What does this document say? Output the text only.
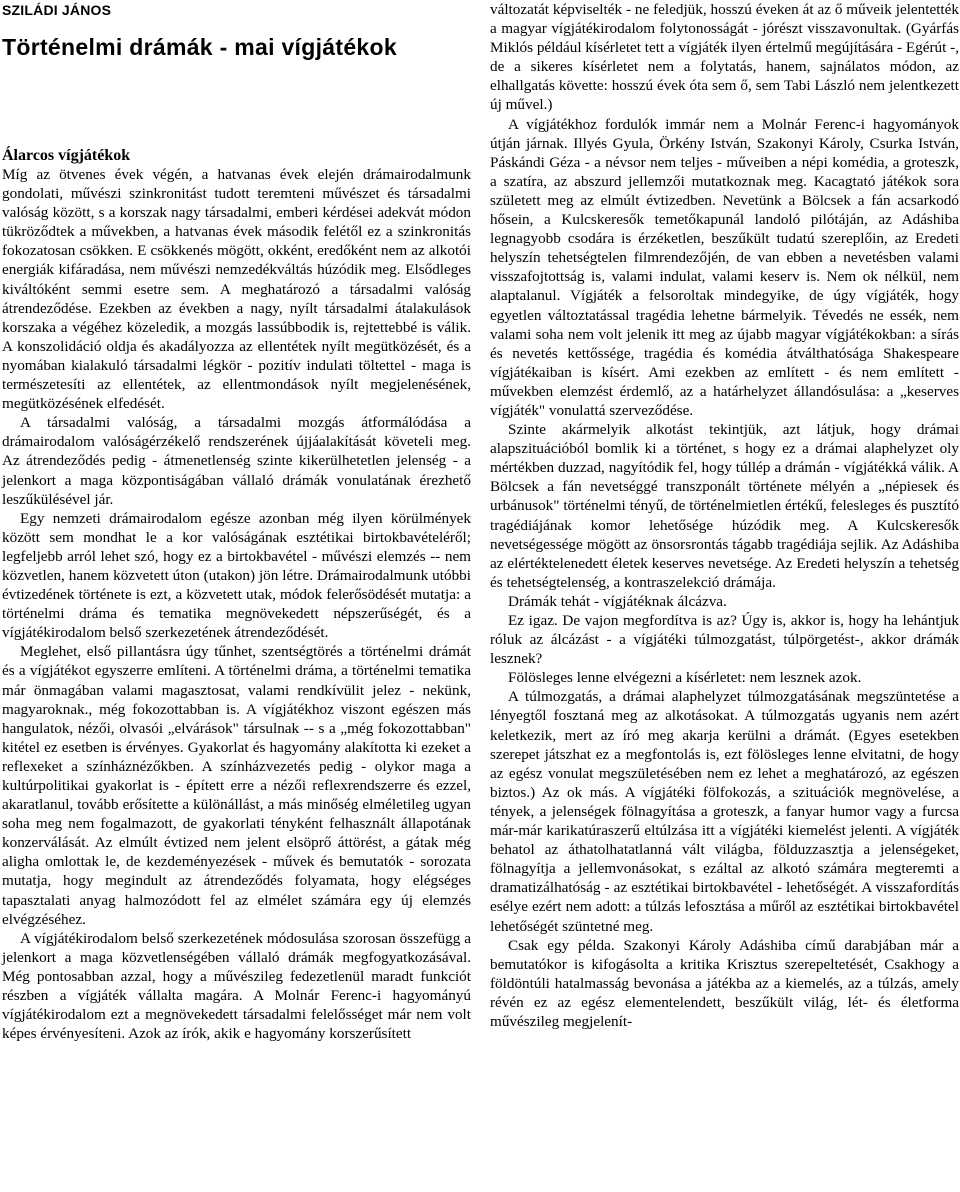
SZILÁDI JÁNOS
Történelmi drámák - mai vígjátékok
Álarcos vígjátékok

Míg az ötvenes évek végén, a hatvanas évek elején drámairodalmunk gondolati, művészi szinkronitást tudott teremteni művészet és társadalmi valóság között, s a korszak nagy társadalmi, emberi kérdései adekvát módon tükröződtek a művekben, a hatvanas évek második felétől ez a szinkronitás fokozatosan csökken. E csökkenés mögött, okként, eredőként nem az alkotói energiák kifáradása, nem művészi nemzedékváltás húzódik meg. Elsődleges kiváltóként semmi esetre sem. A meghatározó a társadalmi valóság átrendeződése. Ezekben az években a nagy, nyílt társadalmi átalakulások korszaka a végéhez közeledik, a mozgás lassúbbodik is, rejtettebbé is válik. A konszolidáció oldja és akadályozza az ellentétek nyílt megütközését, és a nyomában kialakuló társadalmi légkör - pozitív indulati töltettel - maga is természetesíti az ellentétek, az ellentmondások nyílt megjelenésének, megütközésének elfedését.

A társadalmi valóság, a társadalmi mozgás átformálódása a drámairodalom valóságérzékelő rendszerének újjáalakítását követeli meg. Az átrendeződés pedig - átmenetlenség szinte kikerülhetetlen jelenség - a jelenkort a maga központiságában vállaló drámák vonulatának érezhető leszűkülésével jár.

Egy nemzeti drámairodalom egésze azonban még ilyen körülmények között sem mondhat le a kor valóságának esztétikai birtokbavételéről; legfeljebb arról lehet szó, hogy ez a birtokbavétel - művészi elemzés -- nem közvetlen, hanem közvetett úton (utakon) jön létre. Drámairodalmunk utóbbi évtizedének története is ezt, a közvetett utak, módok felerősödését mutatja: a történelmi dráma és tematika megnövekedett népszerűségét, és a vígjátékirodalom belső szerkezetének átrendeződését.

Meglehet, első pillantásra úgy tűnhet, szentségtörés a történelmi drámát és a vígjátékot egyszerre említeni. A történelmi dráma, a történelmi tematika már önmagában valami magasztosat, valami rendkívülit jelez - nekünk, magyaroknak., még fokozottabban is. A vígjátékhoz viszont egészen más hangulatok, nézői, olvasói „elvárások" társulnak -- s a „még fokozottabban" kitétel ez esetben is érvényes. Gyakorlat és hagyomány alakította ki ezeket a reflexeket a színháznézőkben. A színházvezetés pedig - olykor maga a kultúrpolitikai gyakorlat is - épített erre a nézői reflexrendszerre és ezzel, akaratlanul, tovább erősítette a különállást, a más minőség elméletileg ugyan soha meg nem fogalmazott, de gyakorlati tényként felhasznált állapotának konzerválását. Az elmúlt évtized nem jelent elsöprő áttörést, a gátak még aligha omlottak le, de kezdeményezések - művek és bemutatók - sorozata mutatja, hogy megindult az átrendeződés folyamata, hogy elégséges tapasztalati anyag halmozódott fel az elmélet számára egy új elemzés elvégzéséhez.

A vígjátékirodalom belső szerkezetének módosulása szorosan összefügg a jelenkort a maga közvetlenségében vállaló drámák megfogyatkozásával. Még pontosabban azzal, hogy a művészileg fedezetlenül maradt funkciót részben a vígjáték vállalta magára. A Molnár Ferenc-i hagyományú vígjátékirodalom ezt a megnövekedett társadalmi felelősséget már nem volt képes érvényesíteni. Azok az írók, akik e hagyomány korszerűsített

változatát képviselték - ne feledjük, hosszú éveken át az ő műveik jelentették a magyar vígjátékirodalom folytonosságát - jórészt visszavonultak. (Gyárfás Miklós például kísérletet tett a vígjáték ilyen értelmű megújítására - Egérút -, de a sikeres kísérletet nem a folytatás, hanem, sajnálatos módon, az elhallgatás követte: hosszú évek óta sem ő, sem Tabi László nem jelentkezett új művel.)

A vígjátékhoz fordulók immár nem a Molnár Ferenc-i hagyományok útján járnak. Illyés Gyula, Örkény István, Szakonyi Károly, Csurka István, Páskándi Géza - a névsor nem teljes - műveiben a népi komédia, a groteszk, a szatíra, az abszurd jellemzői mutatkoznak meg. Kacagtató játékok sora született meg az elmúlt évtizedben. Nevetünk a Bölcsek a fán acsarkodó hősein, a Kulcskeresők temetőkapunál landoló pilótáján, az Adáshiba legnagyobb csodára is érzéketlen, beszűkült tudatú szereplőin, az Eredeti helyszín tehetségtelen filmrendezőjén, de van ebben a nevetésben valami visszafojtottság is, valami indulat, valami keserv is. Nem ok nélkül, nem alaptalanul. Vígjáték a felsoroltak mindegyike, de úgy vígjáték, hogy egyetlen változtatással tragédia lehetne bármelyik. Tévedés ne essék, nem valami soha nem volt jelenik itt meg az újabb magyar vígjátékokban: a sírás és nevetés kettőssége, tragédia és komédia átválthatósága Shakespeare vígjátékaiban is kísért. Ami ezekben az említett - és nem említett - művekben elemzést érdemlő, az a határhelyzet állandósulása: a „keserves vígjáték" vonulattá szerveződése.

Szinte akármelyik alkotást tekintjük, azt látjuk, hogy drámai alapszituációból bomlik ki a történet, s hogy ez a drámai alaphelyzet oly mértékben duzzad, nagyítódik fel, hogy túllép a drámán - vígjátékká válik. A Bölcsek a fán nevetséggé transzponált története mélyén a „népiesek és urbánusok" történelmi tényű, de történelmietlen értékű, felesleges és pusztító tragédiájának komor lehetősége húzódik meg. A Kulcskeresők nevetségessége mögött az önsorsrontás tágabb tragédiája sejlik. Az Adáshiba az elértéktelenedett életek keserves nevetsége. Az Eredeti helyszín a tehetség és tehetségtelenség, a kontraszelekció drámája.

Drámák tehát - vígjátéknak álcázva.

Ez igaz. De vajon megfordítva is az? Úgy is, akkor is, hogy ha lehántjuk róluk az álcázást - a vígjátéki túlmozgatást, túlpörgetést-, akkor drámák lesznek?

Fölösleges lenne elvégezni a kísérletet: nem lesznek azok.

A túlmozgatás, a drámai alaphelyzet túlmozgatásának megszüntetése a lényegtől fosztaná meg az alkotásokat. A túlmozgatás ugyanis nem azért keletkezik, mert az író meg akarja kerülni a drámát. (Egyes esetekben szerepet játszhat ez a megfontolás is, ezt fölösleges lenne elvitatni, de hogy az egész vonulat megszületésében nem ez lehet a meghatározó, az egészen biztos.) Az ok más. A vígjátéki fölfokozás, a szituációk megnövelése, a tények, a jelenségek fölnagyítása a groteszk, a fanyar humor vagy a furcsa már-már karikatúraszerű eltúlzása itt a vígjátéki kiemelést jelenti. A vígjáték behatol az áthatolhatatlanná vált világba, földuzzasztja a jelenségeket, fölnagyítja a jellemvonásokat, s ezáltal az alkotó számára megteremti a dramatizálhatóság - az esztétikai birtokbavétel - lehetőségét. A visszafordítás esélye ezért nem adott: a túlzás lefosztása a műről az esztétikai birtokbavétel lehetőségét szüntetné meg.

Csak egy példa. Szakonyi Károly Adáshiba című darabjában már a bemutatókor is kifogásolta a kritika Krisztus szerepeltetését, Csakhogy a földöntúli hatalmasság bevonása a játékba az a kiemelés, az a túlzás, amely révén ez az egész elementelendett, beszűkült világ, lét- és életforma művészileg megjelenít-
